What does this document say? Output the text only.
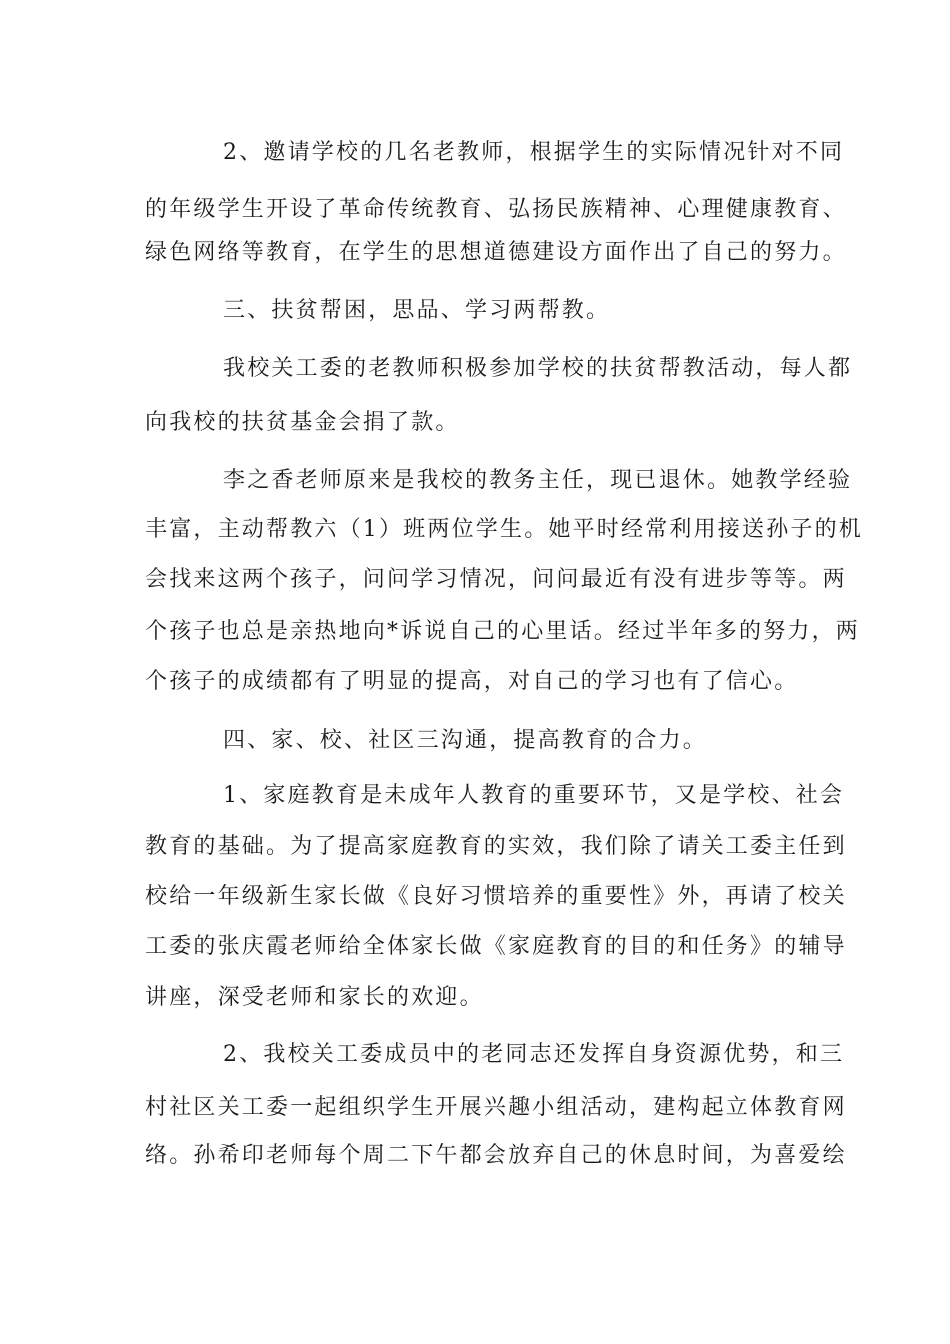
2、邀请学校的几名老教师，根据学生的实际情况针对不同
的年级学生开设了革命传统教育、弘扬民族精神、心理健康教育、
绿色网络等教育，在学生的思想道德建设方面作出了自己的努力。
三、扶贫帮困，思品、学习两帮教。
我校关工委的老教师积极参加学校的扶贫帮教活动，每人都
向我校的扶贫基金会捐了款。
李之香老师原来是我校的教务主任，现已退休。她教学经验
丰富，主动帮教六（1）班两位学生。她平时经常利用接送孙子的机
会找来这两个孩子，问问学习情况，问问最近有没有进步等等。两
个孩子也总是亲热地向*诉说自己的心里话。经过半年多的努力，两
个孩子的成绩都有了明显的提高，对自己的学习也有了信心。
四、家、校、社区三沟通，提高教育的合力。
1、家庭教育是未成年人教育的重要环节，又是学校、社会
教育的基础。为了提高家庭教育的实效，我们除了请关工委主任到
校给一年级新生家长做《良好习惯培养的重要性》外，再请了校关
工委的张庆霞老师给全体家长做《家庭教育的目的和任务》的辅导
讲座，深受老师和家长的欢迎。
2、我校关工委成员中的老同志还发挥自身资源优势，和三
村社区关工委一起组织学生开展兴趣小组活动，建构起立体教育网
络。孙希印老师每个周二下午都会放弃自己的休息时间，为喜爱绘
